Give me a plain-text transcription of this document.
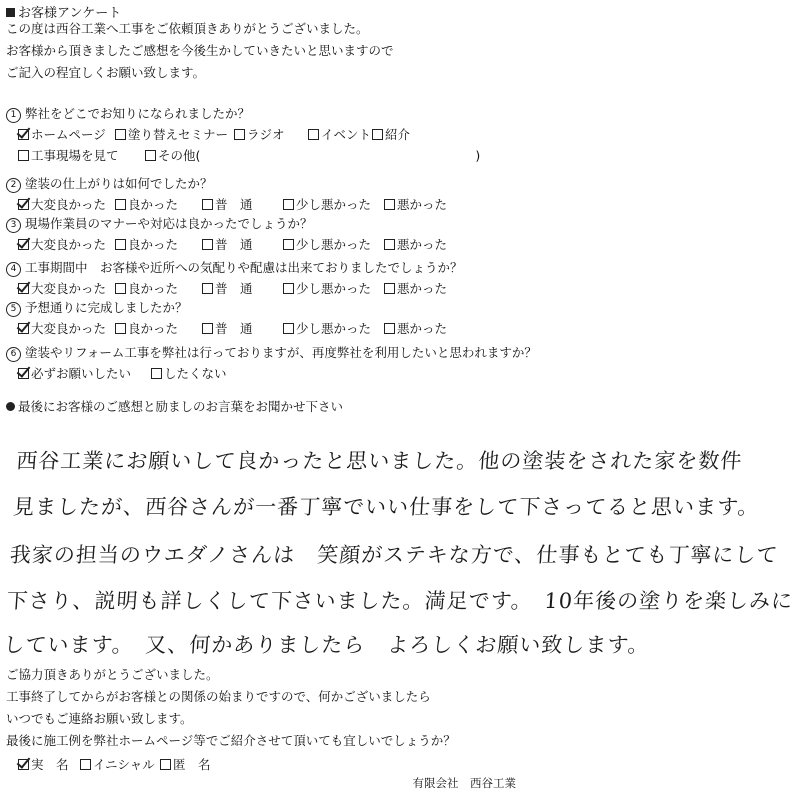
お客様アンケート
この度は西谷工業へ工事をご依頼頂きありがとうございました。
お客様から頂きましたご感想を今後生かしていきたいと思いますので
ご記入の程宜しくお願い致します。
1 弊社をどこでお知りになられましたか？
ホームページ	塗り替えセミナー	ラジオ	イベント	紹介
工事現場を見て	その他(　　　　　　　　　　　　　　　　　　　　　　)
2 塗装の仕上がりは如何でしたか？
大変良かった	良かった	普　通	少し悪かった	悪かった
3 現場作業員のマナーや対応は良かったでしょうか？
大変良かった	良かった	普　通	少し悪かった	悪かった
4 工事期間中　お客様や近所への気配りや配慮は出来ておりましたでしょうか？
大変良かった	良かった	普　通	少し悪かった	悪かった
5 予想通りに完成しましたか？
大変良かった	良かった	普　通	少し悪かった	悪かった
6 塗装やリフォーム工事を弊社は行っておりますが、再度弊社を利用したいと思われますか？
必ずお願いしたい	したくない
最後にお客様のご感想と励ましのお言葉をお聞かせ下さい
西谷工業にお願いして良かったと思いました。他の塗装をされた家を数件
見ましたが、西谷さんが一番丁寧でいい仕事をして下さってると思います。
我家の担当のウエダノさんは　笑顔がステキな方で、仕事もとても丁寧にして
下さり、説明も詳しくして下さいました。満足です。　10年後の塗りを楽しみに
しています。　又、何かありましたら　よろしくお願い致します。
ご協力頂きありがとうございました。
工事終了してからがお客様との関係の始まりですので、何かございましたら
いつでもご連絡お願い致します。
最後に施工例を弊社ホームページ等でご紹介させて頂いても宜しいでしょうか？
実　名	イニシャル	匿　名
有限会社　西谷工業
